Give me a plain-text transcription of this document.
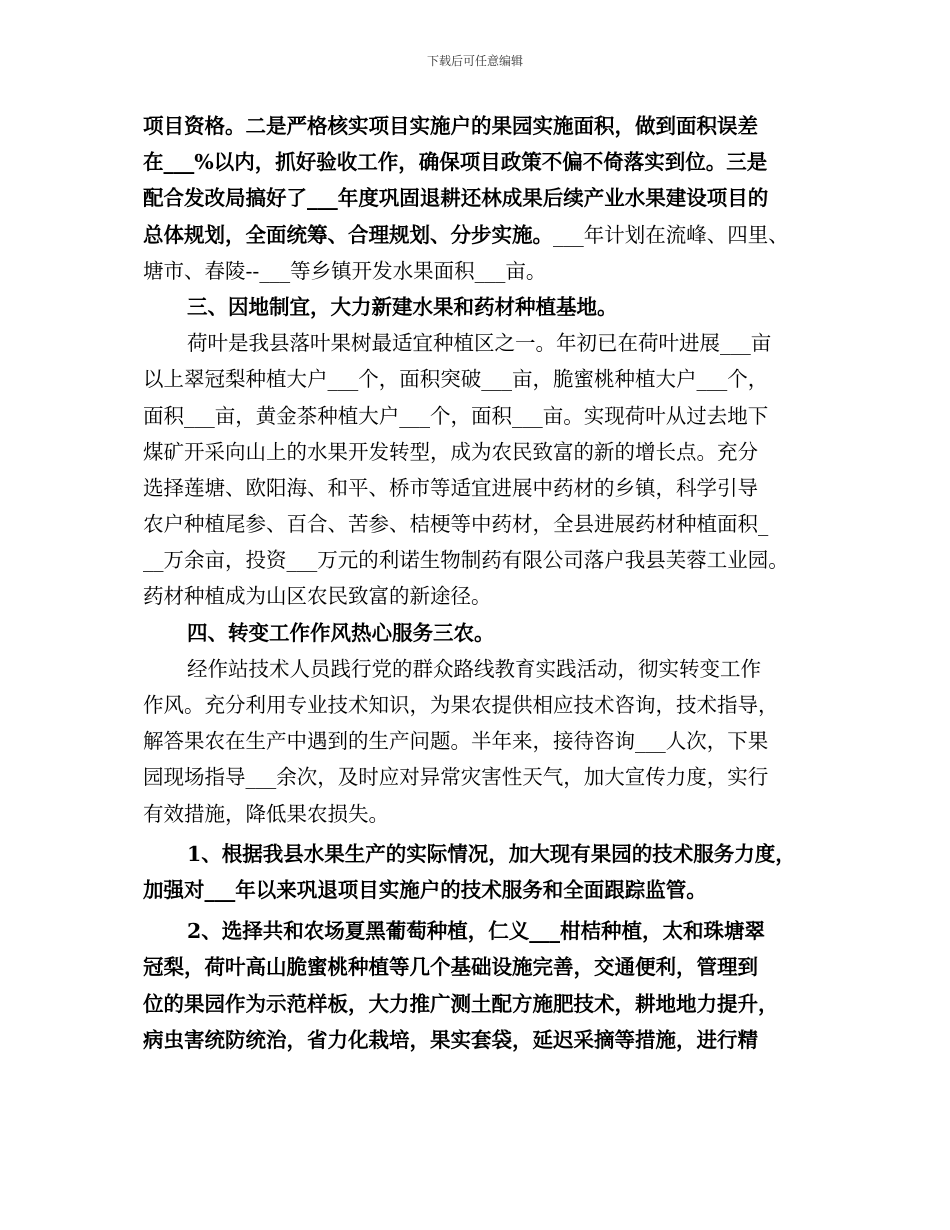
下载后可任意编辑
项目资格。二是严格核实项目实施户的果园实施面积，做到面积误差
在___%以内，抓好验收工作，确保项目政策不偏不倚落实到位。三是
配合发改局搞好了___年度巩固退耕还林成果后续产业水果建设项目的
总体规划，全面统筹、合理规划、分步实施。___年计划在流峰、四里、
塘市、春陵--___等乡镇开发水果面积___亩。
三、因地制宜，大力新建水果和药材种植基地。
荷叶是我县落叶果树最适宜种植区之一。年初已在荷叶进展___亩
以上翠冠梨种植大户___个，面积突破___亩，脆蜜桃种植大户___个，
面积___亩，黄金茶种植大户___个，面积___亩。实现荷叶从过去地下
煤矿开采向山上的水果开发转型，成为农民致富的新的增长点。充分
选择莲塘、欧阳海、和平、桥市等适宜进展中药材的乡镇，科学引导
农户种植尾参、百合、苦参、桔梗等中药材，全县进展药材种植面积_
__万余亩，投资___万元的利诺生物制药有限公司落户我县芙蓉工业园。
药材种植成为山区农民致富的新途径。
四、转变工作作风热心服务三农。
经作站技术人员践行党的群众路线教育实践活动，彻实转变工作
作风。充分利用专业技术知识，为果农提供相应技术咨询，技术指导，
解答果农在生产中遇到的生产问题。半年来，接待咨询___人次，下果
园现场指导___余次，及时应对异常灾害性天气，加大宣传力度，实行
有效措施，降低果农损失。
1、根据我县水果生产的实际情况，加大现有果园的技术服务力度，
加强对___年以来巩退项目实施户的技术服务和全面跟踪监管。
2、选择共和农场夏黑葡萄种植，仁义___柑桔种植，太和珠塘翠
冠梨，荷叶高山脆蜜桃种植等几个基础设施完善，交通便利，管理到
位的果园作为示范样板，大力推广测土配方施肥技术，耕地地力提升，
病虫害统防统治，省力化栽培，果实套袋，延迟采摘等措施，进行精
